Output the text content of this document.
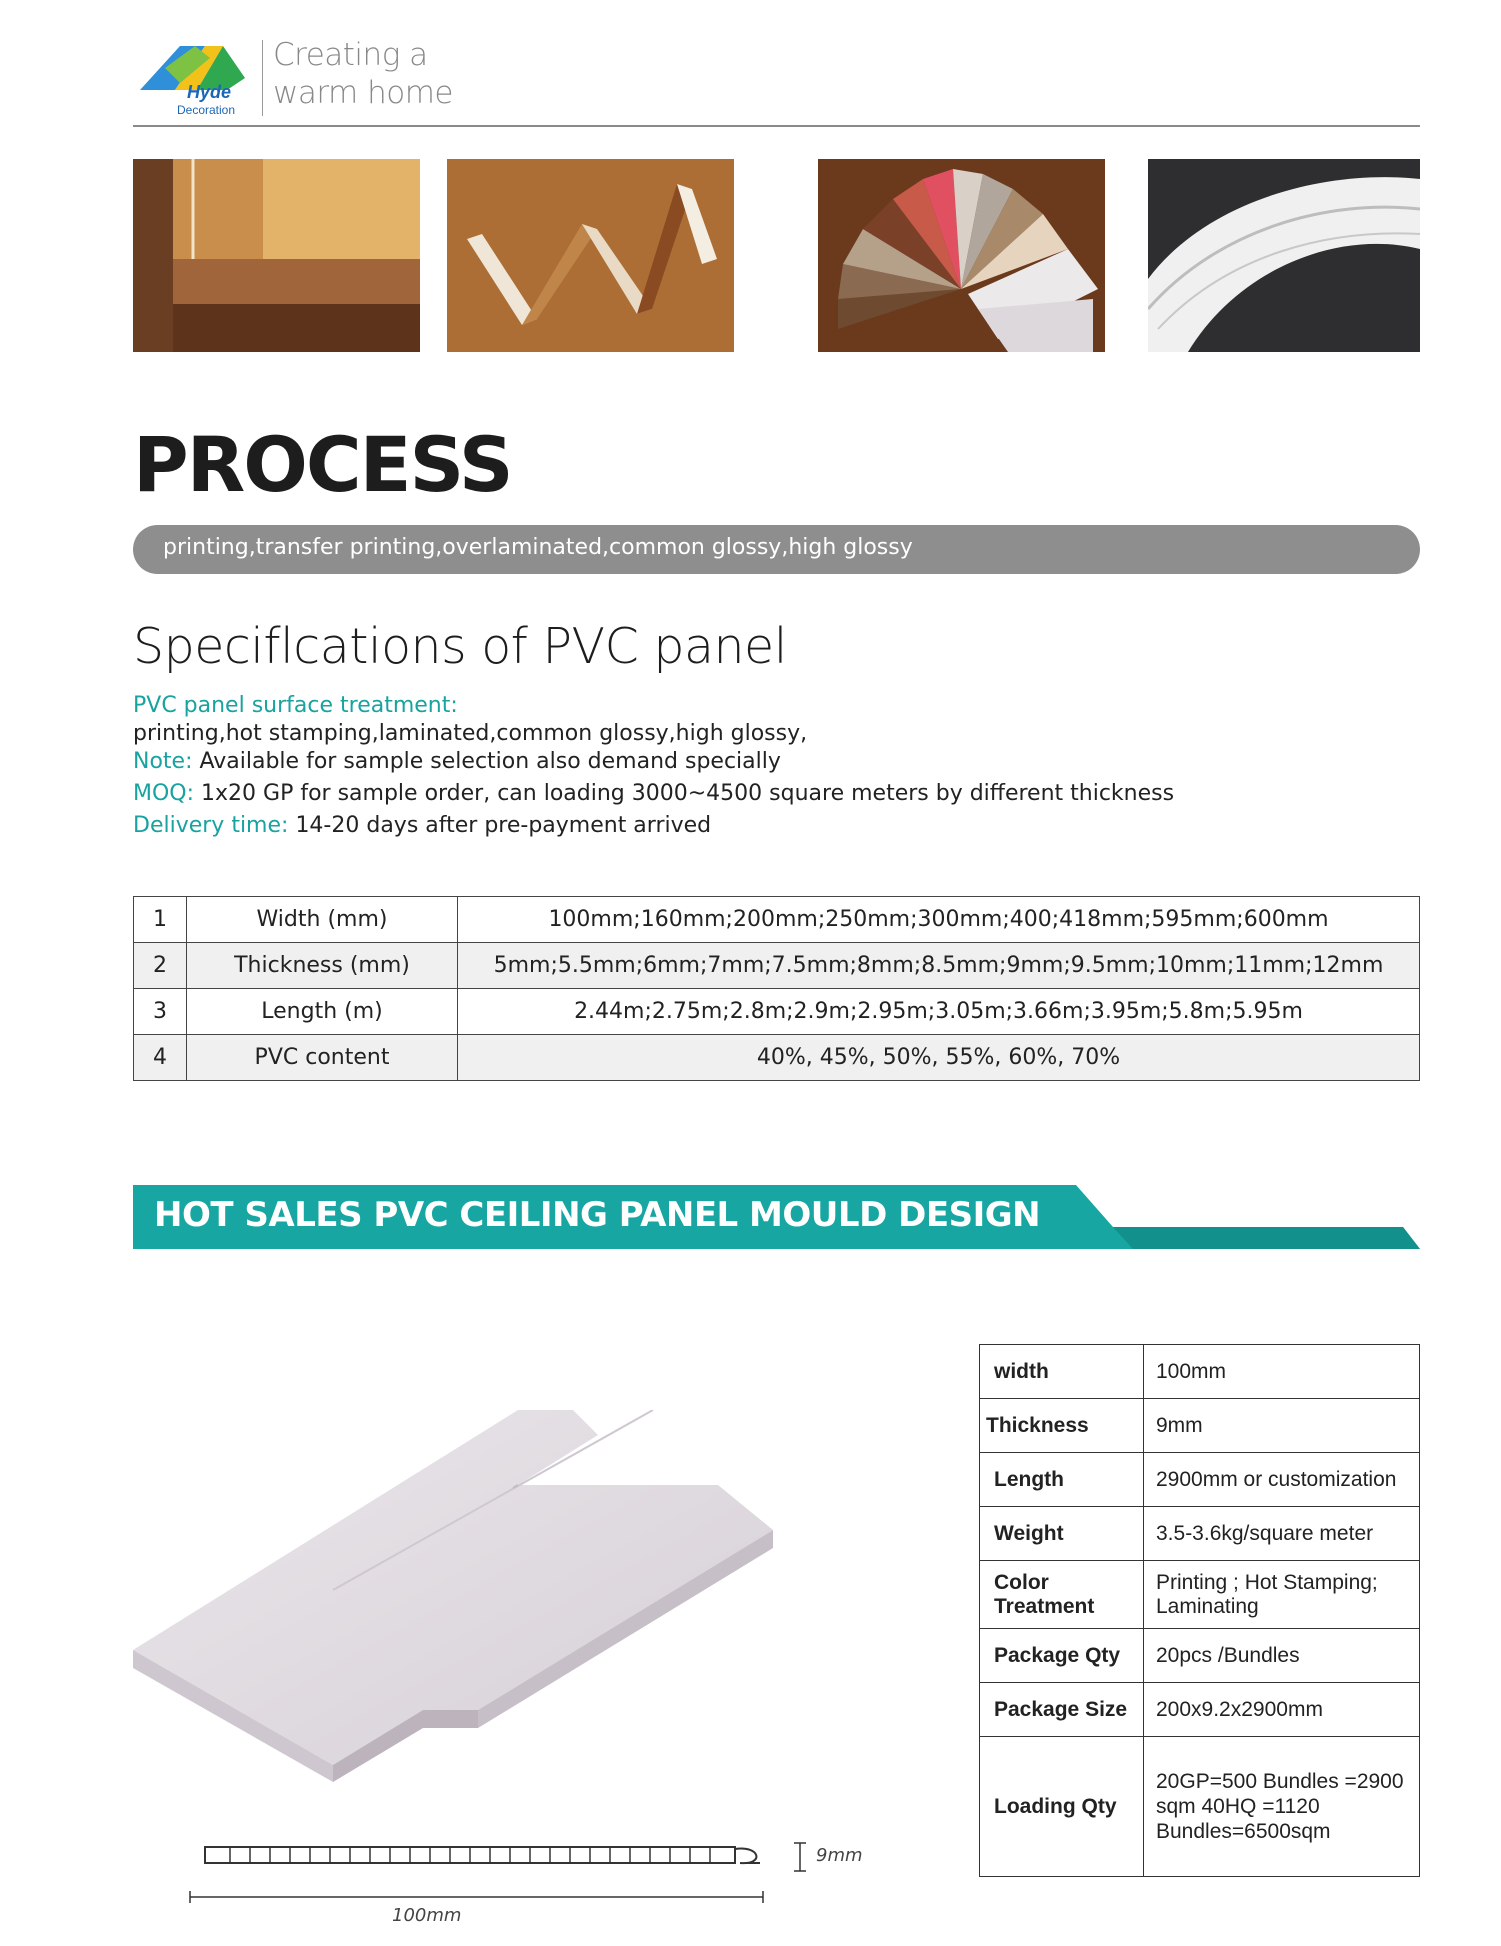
Hyde
Decoration
Creating a
warm home
PROCESS
printing,transfer printing,overlaminated,common glossy,high glossy
Speciflcations of PVC panel
PVC panel surface treatment:
printing,hot stamping,laminated,common glossy,high glossy,
Note: Available for sample selection also demand specially
MOQ: 1x20 GP for sample order, can loading 3000~4500 square meters by different thickness
Delivery time: 14-20 days after pre-payment arrived
1	Width (mm)	100mm;160mm;200mm;250mm;300mm;400;418mm;595mm;600mm
2	Thickness (mm)	5mm;5.5mm;6mm;7mm;7.5mm;8mm;8.5mm;9mm;9.5mm;10mm;11mm;12mm
3	Length (m)	2.44m;2.75m;2.8m;2.9m;2.95m;3.05m;3.66m;3.95m;5.8m;5.95m
4	PVC content	40%, 45%, 50%, 55%, 60%, 70%
HOT SALES PVC CEILING PANEL MOULD DESIGN
9mm
100mm
width	100mm
Thickness	9mm
Length	2900mm or customization
Weight	3.5-3.6kg/square meter
Color Treatment	Printing ; Hot Stamping; Laminating
Package Qty	20pcs /Bundles
Package Size	200x9.2x2900mm
Loading Qty	20GP=500 Bundles =2900 sqm 40HQ =1120 Bundles=6500sqm
